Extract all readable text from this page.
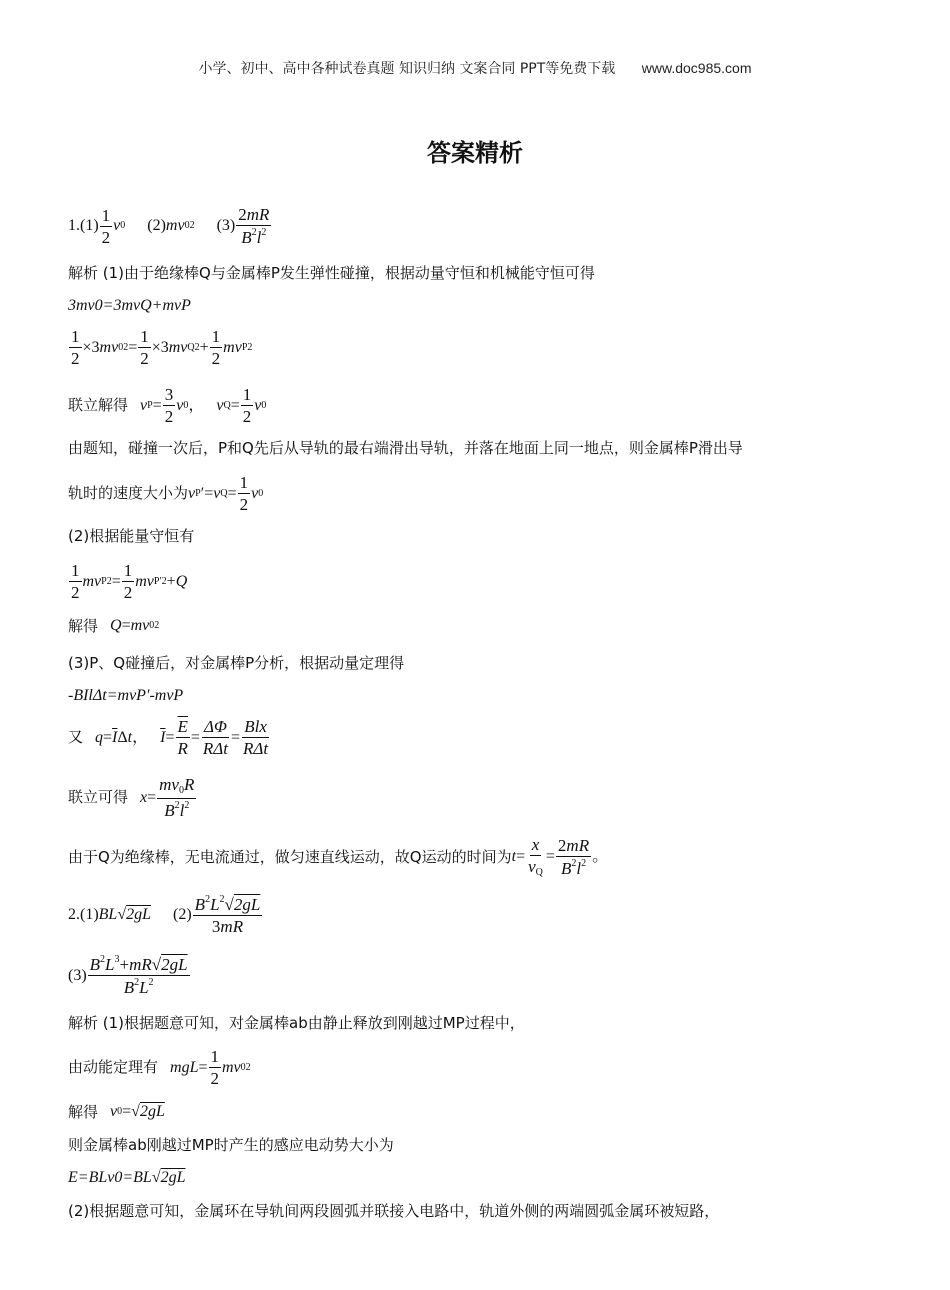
小学、初中、高中各种试卷真题 知识归纳 文案合同 PPT等免费下载 www.doc985.com
答案精析
$1.(1) \frac{1}{2}$ v 0 (2) mv 0 2 $(3) \frac{2mR}{B^2l^2}$
解析 (1)由于绝缘棒Q与金属棒P发生弹性碰撞，根据动量守恒和机械能守恒可得
3mv0=3mvQ+mvP
$\frac{1}{2} \times 3$ mv 0 $2 = \frac{1}{2} \times 3$ mv Q $2 + \frac{1}{2}$ mv P 2
联立解得 v $P = \frac{3}{2}$ v 0 ， v $Q = \frac{1}{2}$ v 0
由题知，碰撞一次后，P和Q先后从导轨的最右端滑出导轨，并落在地面上同一地点，则金属棒P滑出导
轨时的速度大小为 v P ′= v $Q = \frac{1}{2}$ v 0
(2)根据能量守恒有
$\frac{1}{2}$ mv P $2 = \frac{1}{2}$ mv P ′2 + Q
解得 Q = mv 0 2
(3)P、Q碰撞后，对金属棒P分析，根据动量定理得
-BIlΔt=mvP′-mvP
又 $q = \overline{I}$ Δ t ， $\overline{I} = \frac{\overline{E}}{R} = \frac{\Delta\Phi}{\text{RΔt}} = \frac{\text{Blx}}{\text{RΔt}}$
联立可得 $x = \frac{mv_0R}{B^2l^2}$
由于Q为绝缘棒，无电流通过，做匀速直线运动，故Q运动的时间为 $t = \frac{x}{v_Q} = \frac{2mR}{B^2l^2}$ 。
2.(1) BL √ 2gL $(2) \frac{B^2L^2√2gL}{3mR}$
$(3) \frac{B^2L^3+mR√2gL}{B^2L^2}$
解析 (1)根据题意可知，对金属棒ab由静止释放到刚越过MP过程中，
由动能定理有 mgL = $\frac{1}{2}$ mv 0 2
解得 v 0 =√ 2gL
则金属棒ab刚越过MP时产生的感应电动势大小为
E=BLv0=BL √ 2gL
(2)根据题意可知，金属环在导轨间两段圆弧并联接入电路中，轨道外侧的两端圆弧金属环被短路，
